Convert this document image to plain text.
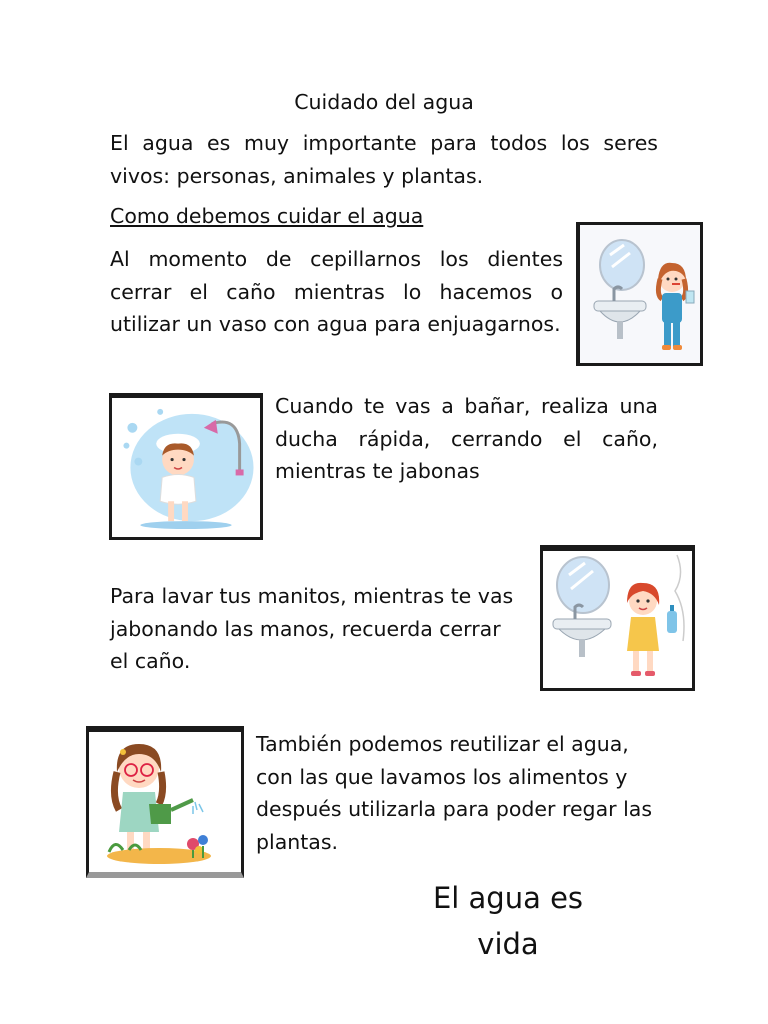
Cuidado del agua
El agua es muy importante para todos los seres
vivos: personas, animales y plantas.
Como debemos cuidar el agua
Al momento de cepillarnos los dientes cerrar el caño mientras lo hacemos o
utilizar un vaso con agua para enjuagarnos.
Cuando te vas a bañar, realiza una ducha rápida, cerrando el caño,
mientras te jabonas
Para lavar tus manitos, mientras te vas
jabonando las manos, recuerda cerrar
el caño.
También podemos reutilizar el agua,
con las que lavamos los alimentos y
después utilizarla para poder regar las
plantas.
El agua es
vida
